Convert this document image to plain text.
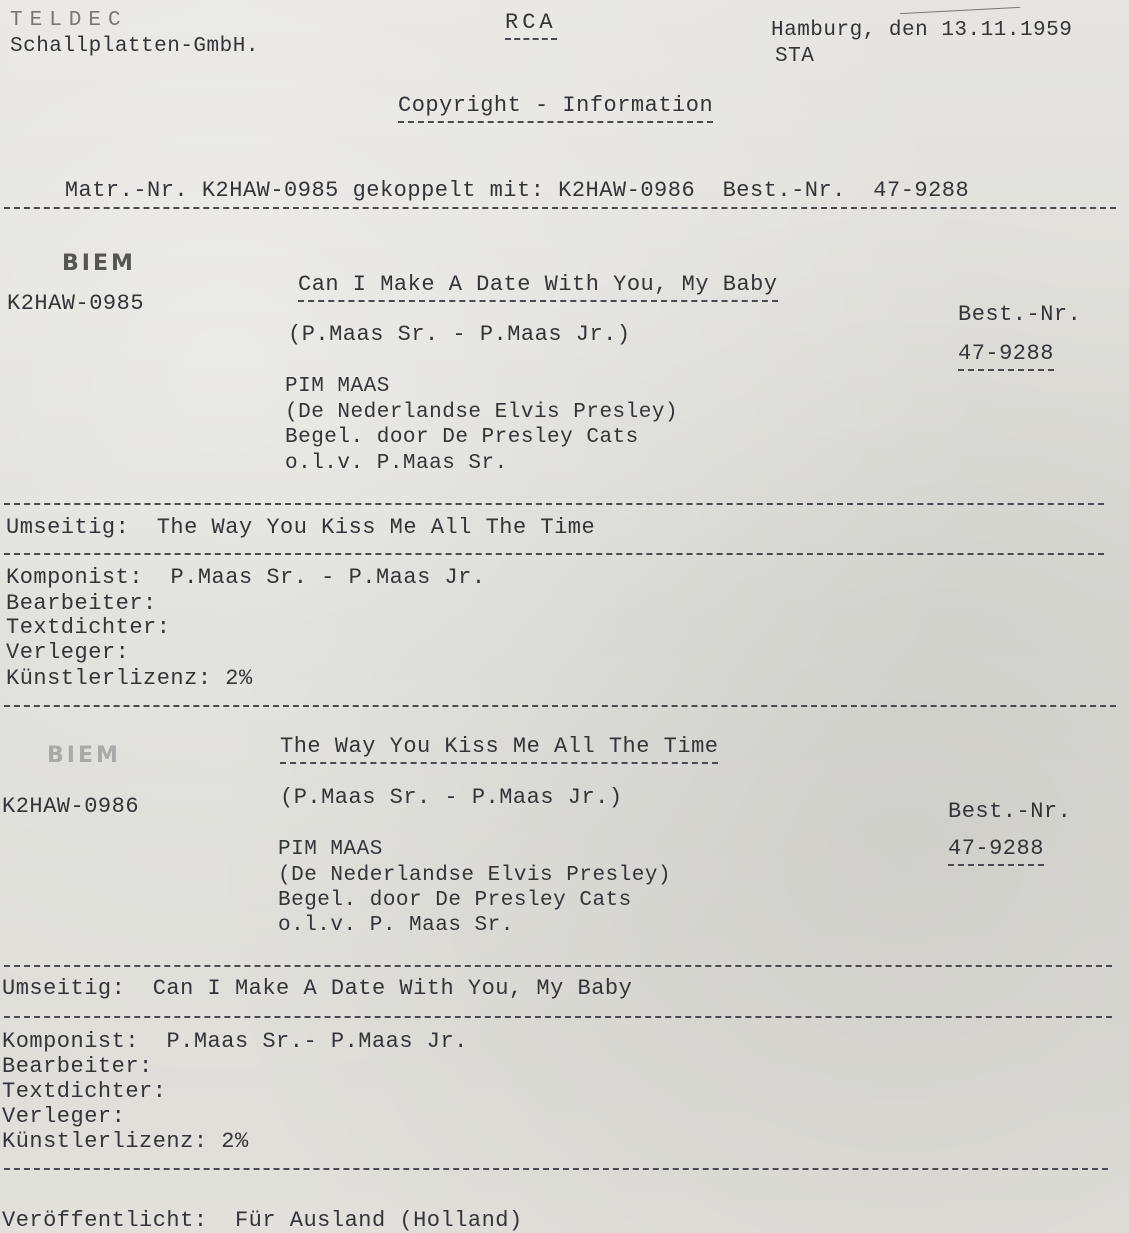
TELDEC
Schallplatten-GmbH.
RCA	Hamburg, den 13.11.1959
STA
Copyright - Information

Matr.-Nr. K2HAW-0985 gekoppelt mit: K2HAW-0986 Best.-Nr. 47-9288

BIEM
K2HAW-0985
Can I Make A Date With You, My Baby
(P.Maas Sr. - P.Maas Jr.)
Best.-Nr.
47-9288
PIM MAAS
(De Nederlandse Elvis Presley)
Begel. door De Presley Cats
o.l.v. P.Maas Sr.
Umseitig: The Way You Kiss Me All The Time
Komponist: P.Maas Sr. - P.Maas Jr.
Bearbeiter:
Textdichter:
Verleger:
Künstlerlizenz: 2%
BIEM	The Way You Kiss Me All The Time
(P.Maas Sr. - P.Maas Jr.)
K2HAW-0986	Best.-Nr.
47-9288
PIM MAAS
(De Nederlandse Elvis Presley)
Begel. door De Presley Cats
o.l.v. P. Maas Sr.
Umseitig: Can I Make A Date With You, My Baby
Komponist: P.Maas Sr.- P.Maas Jr.
Bearbeiter:
Textdichter:
Verleger:
Künstlerlizenz: 2%
Veröffentlicht: Für Ausland (Holland)
